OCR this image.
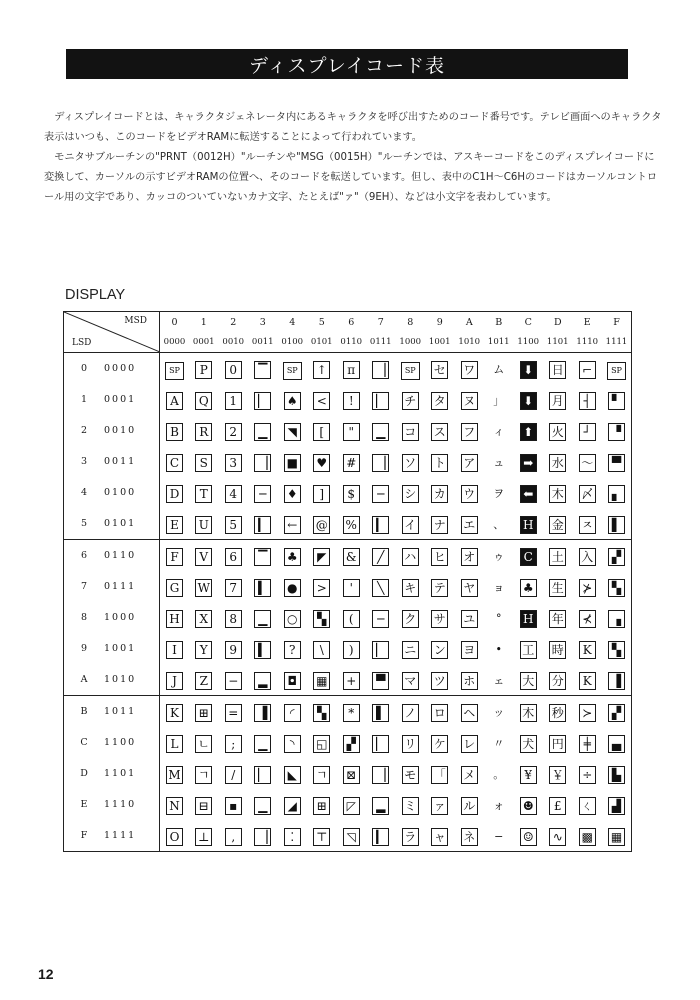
ディスプレイコード表

ディスプレイコードとは、キャラクタジェネレータ内にあるキャラクタを呼び出すためのコード番号です。テレビ画面へのキャラクタ表示はいつも、このコードをビデオRAMに転送することによって行われています。

モニタサブルーチンの"PRNT（0012H）"ルーチンや"MSG（0015H）"ルーチンでは、アスキーコードをこのディスプレイコードに変換して、カーソルの示すビデオRAMの位置へ、そのコードを転送しています。但し、表中のC1H～C6Hのコードはカーソルコントロール用の文字であり、カッコのついていないカナ文字、たとえば"ァ"（9EH）、などは小文字を表わしています。

DISPLAY
MSD
LSD	0	1	2	3	4	5	6	7	8	9	A	B	C	D	E	F
	0000	0001	0010	0011	0100	0101	0110	0111	1000	1001	1010	1011	1100	1101	1110	1111
0 0000	SP	P	0	▔	SP	↑	π	▕	SP	セ	ワ	ム	⬇	日	⌐	SP
1 0001	A	Q	1	▏	♠	<	!	▏	チ	タ	ヌ	」	⬇	月	┤	▘
2 0010	B	R	2	▁	◥	[	"	▁	コ	ス	フ	ィ	⬆	火	┘	▝
3 0011	C	S	3	▕	■	♥	#	▕	ソ	ト	ア	ュ	➡	水	〜	▀
4 0100	D	T	4	─	♦	]	$	─	シ	カ	ウ	ヲ	⬅	木	〆	▖
5 0101	E	U	5	▎	←	@	%	▎	イ	ナ	エ	、	H	金	ㅈ	▌
6 0110	F	V	6	▔	♣	◤	&	╱	ハ	ヒ	オ	ゥ	C	土	入	▞
7 0111	G	W	7	▍	●	>	'	╲	キ	テ	ヤ	ョ	♣	生	⊁	▚
8 1000	H	X	8	▁	○	▚	(	─	ク	サ	ユ	°	H	年	⊀	▗
9 1001	I	Y	9	▍	?	\	)	▏	ニ	ン	ヨ	•	工	時	K	▚
A 1010	J	Z	−	▂	◘	▦	+	▀	マ	ツ	ホ	ェ	大	分	K	▐
B 1011	K	⊞	=	▐	◜	▚	*	▌	ノ	ロ	ヘ	ッ	木	秒	≻	▞
C 1100	L	ㄴ	;	▁	◝	◱	▞	▏	リ	ケ	レ	〃	犬	円	╪	▄
D 1101	M	ㄱ	/	▏	◣	ㄱ	⊠	▕	モ	「	メ	。	¥	￥	÷	▙
E 1110	N	⊟	▪	▁	◢	⊞	◸	▂	ミ	ァ	ル	ォ	☻	£	ㄑ	▟
F 1111	O	⊥	,	▕	⁚	⊤	◹	▎	ラ	ャ	ネ	−	☺	∿	▩	▦
12
